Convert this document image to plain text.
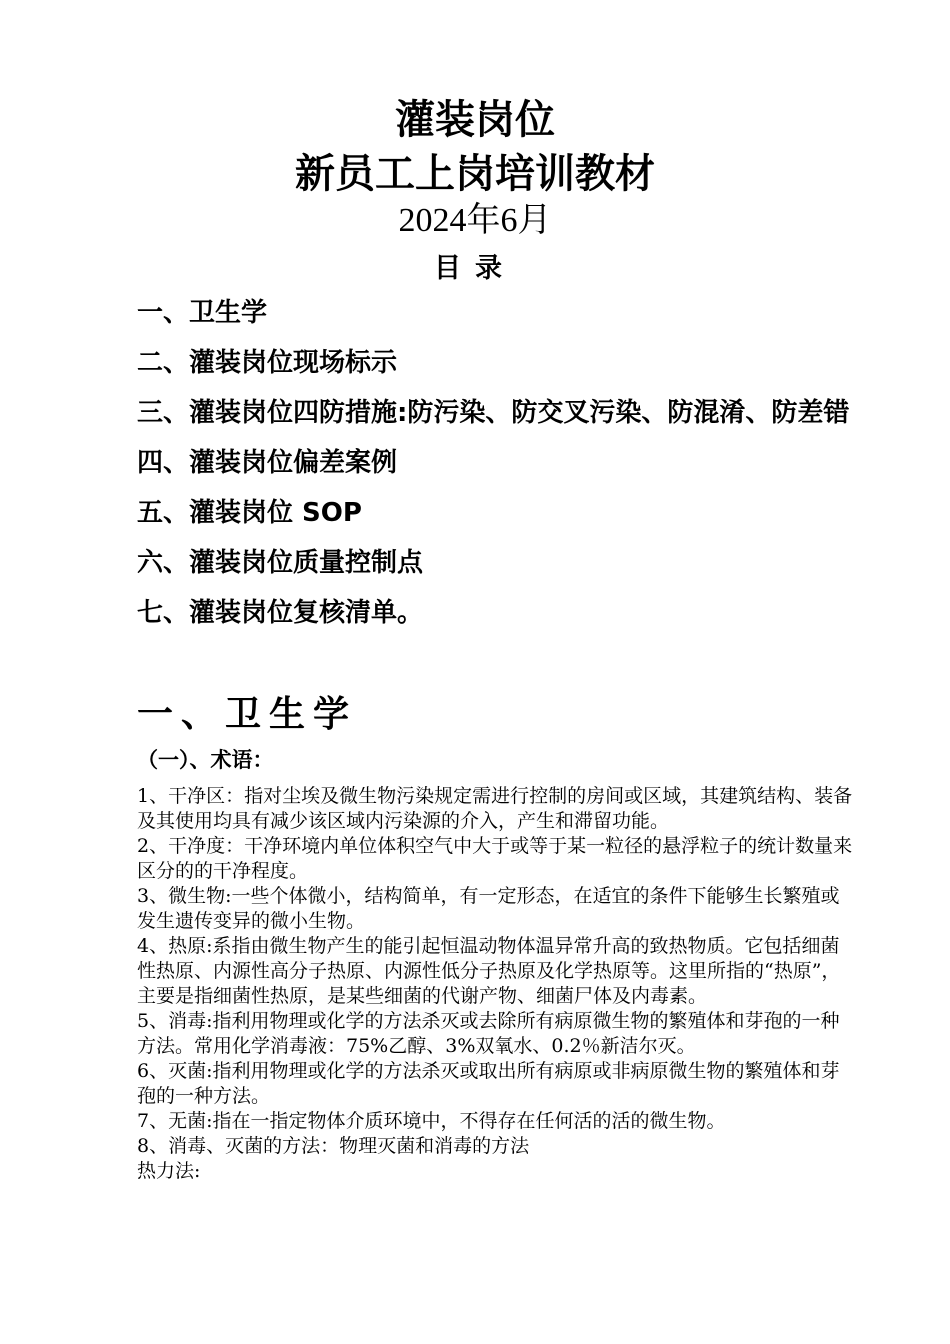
灌装岗位
新员工上岗培训教材
2024年6月
目录
一、卫生学
二、灌装岗位现场标示
三、灌装岗位四防措施:防污染、防交叉污染、防混淆、防差错
四、灌装岗位偏差案例
五、灌装岗位 SOP
六、灌装岗位质量控制点
七、灌装岗位复核清单。
一、卫生学
（一）、术语：

1、干净区：指对尘埃及微生物污染规定需进行控制的房间或区域，其建筑结构、装备及其使用均具有减少该区域内污染源的介入，产生和滞留功能。

2、干净度：干净环境内单位体积空气中大于或等于某一粒径的悬浮粒子的统计数量来区分的的干净程度。

3、微生物:一些个体微小，结构简单，有一定形态，在适宜的条件下能够生长繁殖或发生遗传变异的微小生物。

4、热原:系指由微生物产生的能引起恒温动物体温异常升高的致热物质。它包括细菌性热原、内源性高分子热原、内源性低分子热原及化学热原等。这里所指的“热原”，主要是指细菌性热原，是某些细菌的代谢产物、细菌尸体及内毒素。

5、消毒:指利用物理或化学的方法杀灭或去除所有病原微生物的繁殖体和芽孢的一种方法。常用化学消毒液：75%乙醇、3%双氧水、0.2％新洁尔灭。

6、灭菌:指利用物理或化学的方法杀灭或取出所有病原或非病原微生物的繁殖体和芽孢的一种方法。

7、无菌:指在一指定物体介质环境中，不得存在任何活的活的微生物。

8、消毒、灭菌的方法：物理灭菌和消毒的方法

热力法:
